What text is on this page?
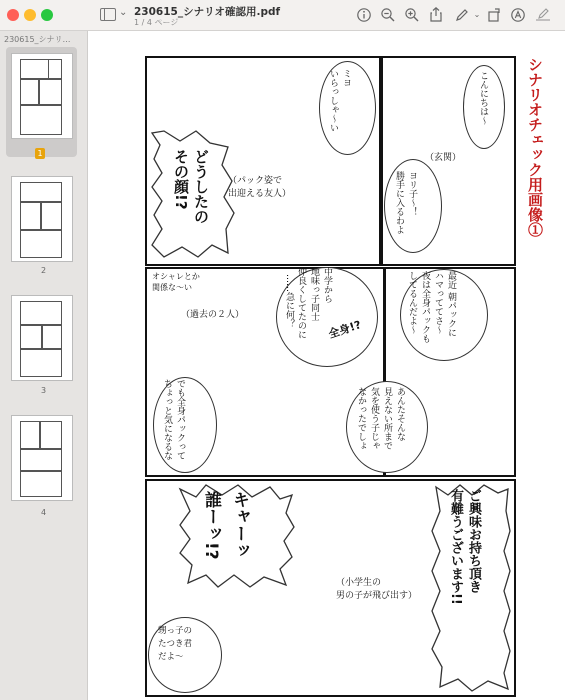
⌄ 230615_シナリオ確認用.pdf
1 / 4 ページ
⌄
230615_シナリ…
1
2
3
4
シナリオチェック用画像①
ミヨ
いらっしゃ〜い
どうしたの
その顔!?	（パック姿で
出迎える友人）
こんにちは〜
（玄関）
ヨリ子〜！
勝手に入るわよ
オシャレとか
関係な〜い	中学から
地味っ子同士
仲良くしてたのに
……急に何？
（過去の２人）
でも全身パックって
ちょっと気になるな
最近 朝パックに
ハマっててさ〜
夜は全身パックも
してるんだよ〜
全身!?
あんたそんな
見えない所まで
気を使う子じゃ
なかったでしょ
キャーッ
誰ーッ!?	ご興味お持ち頂き
有難うございます!!
（小学生の
男の子が飛び出す）
甥っ子の
たつき君
だよ〜
